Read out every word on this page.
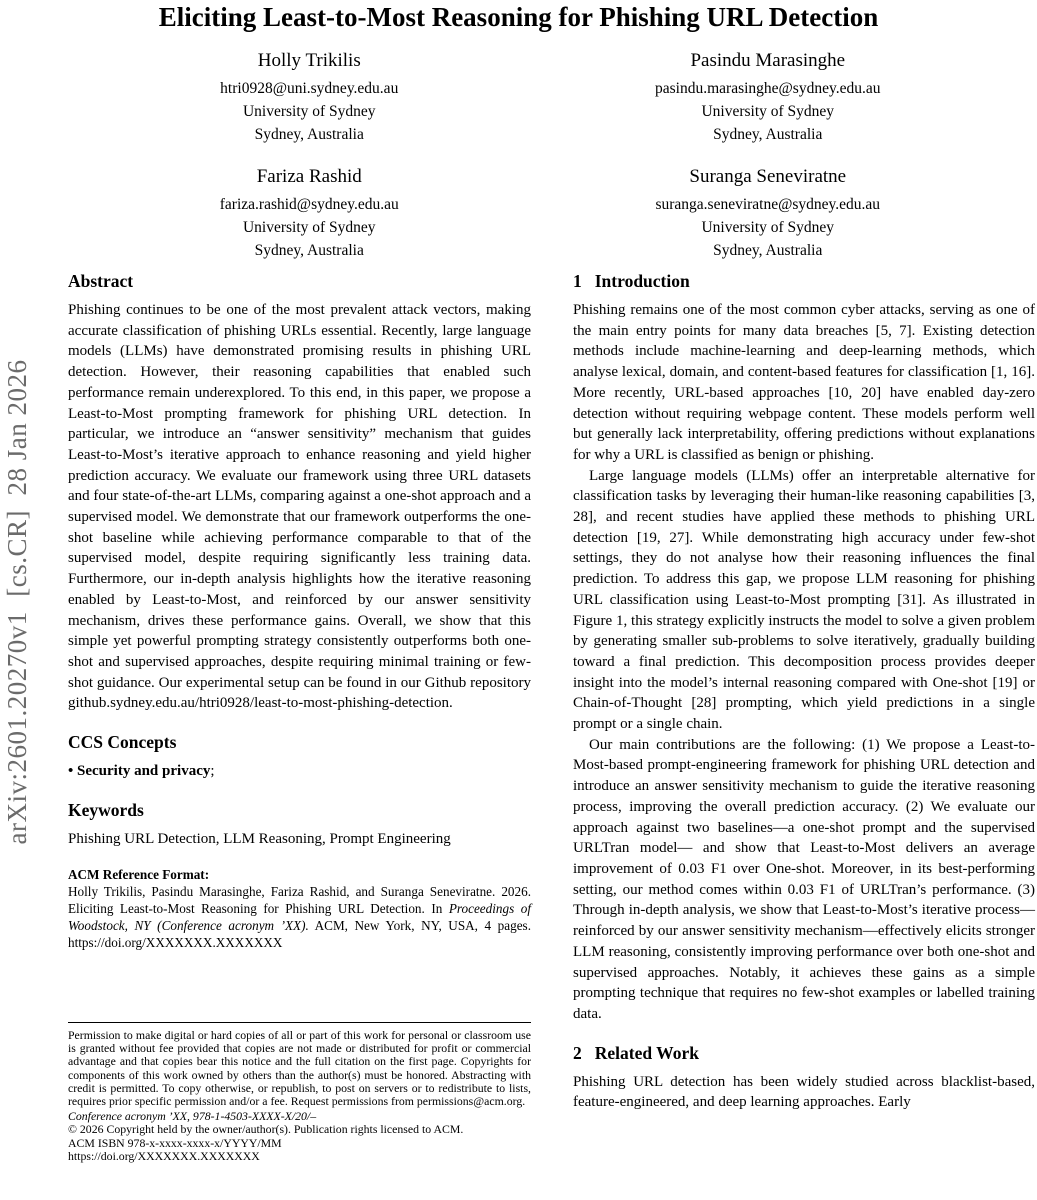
arXiv:2601.20270v1  [cs.CR]  28 Jan 2026
Eliciting Least-to-Most Reasoning for Phishing URL Detection
Holly Trikilis
htri0928@uni.sydney.edu.au
University of Sydney
Sydney, Australia
Pasindu Marasinghe
pasindu.marasinghe@sydney.edu.au
University of Sydney
Sydney, Australia
Fariza Rashid
fariza.rashid@sydney.edu.au
University of Sydney
Sydney, Australia
Suranga Seneviratne
suranga.seneviratne@sydney.edu.au
University of Sydney
Sydney, Australia
Abstract

Phishing continues to be one of the most prevalent attack vectors, making accurate classification of phishing URLs essential. Recently, large language models (LLMs) have demonstrated promising results in phishing URL detection. However, their reasoning capabilities that enabled such performance remain underexplored. To this end, in this paper, we propose a Least-to-Most prompting framework for phishing URL detection. In particular, we introduce an “answer sensitivity” mechanism that guides Least-to-Most’s iterative approach to enhance reasoning and yield higher prediction accuracy. We evaluate our framework using three URL datasets and four state-of-the-art LLMs, comparing against a one-shot approach and a supervised model. We demonstrate that our framework outperforms the one-shot baseline while achieving performance comparable to that of the supervised model, despite requiring significantly less training data. Furthermore, our in-depth analysis highlights how the iterative reasoning enabled by Least-to-Most, and reinforced by our answer sensitivity mechanism, drives these performance gains. Overall, we show that this simple yet powerful prompting strategy consistently outperforms both one-shot and supervised approaches, despite requiring minimal training or few-shot guidance. Our experimental setup can be found in our Github repository github.sydney.edu.au/htri0928/least-to-most-phishing-detection.

CCS Concepts

• Security and privacy;

Keywords

Phishing URL Detection, LLM Reasoning, Prompt Engineering

ACM Reference Format:

Holly Trikilis, Pasindu Marasinghe, Fariza Rashid, and Suranga Seneviratne. 2026. Eliciting Least-to-Most Reasoning for Phishing URL Detection. In Proceedings of Woodstock, NY (Conference acronym ’XX). ACM, New York, NY, USA, 4 pages. https://doi.org/XXXXXXX.XXXXXXX

Permission to make digital or hard copies of all or part of this work for personal or classroom use is granted without fee provided that copies are not made or distributed for profit or commercial advantage and that copies bear this notice and the full citation on the first page. Copyrights for components of this work owned by others than the author(s) must be honored. Abstracting with credit is permitted. To copy otherwise, or republish, to post on servers or to redistribute to lists, requires prior specific permission and/or a fee. Request permissions from permissions@acm.org.

Conference acronym ’XX, 978-1-4503-XXXX-X/20/–

© 2026 Copyright held by the owner/author(s). Publication rights licensed to ACM.

ACM ISBN 978-x-xxxx-xxxx-x/YYYY/MM

https://doi.org/XXXXXXX.XXXXXXX

1 Introduction

Phishing remains one of the most common cyber attacks, serving as one of the main entry points for many data breaches [5, 7]. Existing detection methods include machine-learning and deep-learning methods, which analyse lexical, domain, and content-based features for classification [1, 16]. More recently, URL-based approaches [10, 20] have enabled day-zero detection without requiring webpage content. These models perform well but generally lack interpretability, offering predictions without explanations for why a URL is classified as benign or phishing.

Large language models (LLMs) offer an interpretable alternative for classification tasks by leveraging their human-like reasoning capabilities [3, 28], and recent studies have applied these methods to phishing URL detection [19, 27]. While demonstrating high accuracy under few-shot settings, they do not analyse how their reasoning influences the final prediction. To address this gap, we propose LLM reasoning for phishing URL classification using Least-to-Most prompting [31]. As illustrated in Figure 1, this strategy explicitly instructs the model to solve a given problem by generating smaller sub-problems to solve iteratively, gradually building toward a final prediction. This decomposition process provides deeper insight into the model’s internal reasoning compared with One-shot [19] or Chain-of-Thought [28] prompting, which yield predictions in a single prompt or a single chain.

Our main contributions are the following: (1) We propose a Least-to-Most-based prompt-engineering framework for phishing URL detection and introduce an answer sensitivity mechanism to guide the iterative reasoning process, improving the overall prediction accuracy. (2) We evaluate our approach against two baselines—a one-shot prompt and the supervised URLTran model— and show that Least-to-Most delivers an average improvement of 0.03 F1 over One-shot. Moreover, in its best-performing setting, our method comes within 0.03 F1 of URLTran’s performance. (3) Through in-depth analysis, we show that Least-to-Most’s iterative process—reinforced by our answer sensitivity mechanism—effectively elicits stronger LLM reasoning, consistently improving performance over both one-shot and supervised approaches. Notably, it achieves these gains as a simple prompting technique that requires no few-shot examples or labelled training data.

2 Related Work

Phishing URL detection has been widely studied across blacklist-based, feature-engineered, and deep learning approaches. Early
